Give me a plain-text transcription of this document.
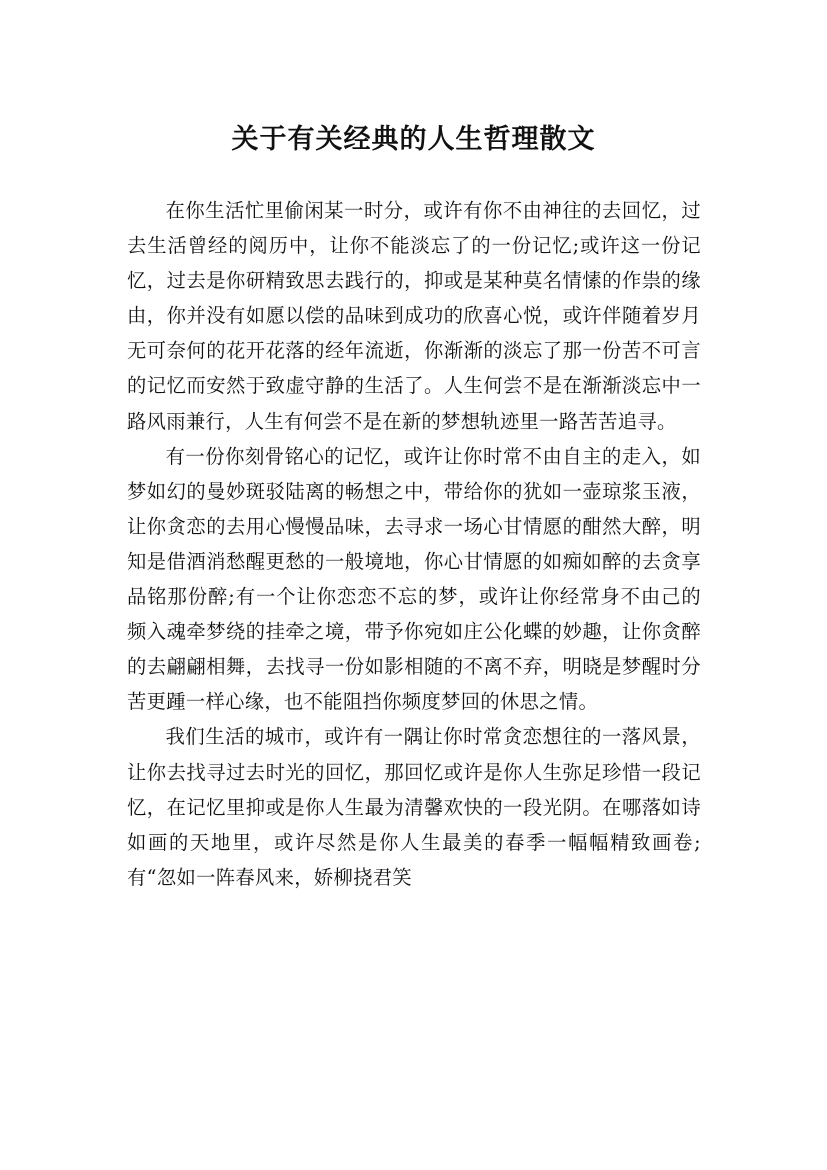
关于有关经典的人生哲理散文

在你生活忙里偷闲某一时分，或许有你不由神往的去回忆，过去生活曾经的阅历中，让你不能淡忘了的一份记忆;或许这一份记忆，过去是你研精致思去践行的，抑或是某种莫名情愫的作祟的缘由，你并没有如愿以偿的品味到成功的欣喜心悦，或许伴随着岁月无可奈何的花开花落的经年流逝，你渐渐的淡忘了那一份苦不可言的记忆而安然于致虚守静的生活了。人生何尝不是在渐渐淡忘中一路风雨兼行，人生有何尝不是在新的梦想轨迹里一路苦苦追寻。

有一份你刻骨铭心的记忆，或许让你时常不由自主的走入，如梦如幻的曼妙斑驳陆离的畅想之中，带给你的犹如一壶琼浆玉液，让你贪恋的去用心慢慢品味，去寻求一场心甘情愿的酣然大醉，明知是借酒消愁醒更愁的一般境地，你心甘情愿的如痴如醉的去贪享品铭那份醉;有一个让你恋恋不忘的梦，或许让你经常身不由己的频入魂牵梦绕的挂牵之境，带予你宛如庄公化蝶的妙趣，让你贪醉的去翩翩相舞，去找寻一份如影相随的不离不弃，明晓是梦醒时分苦更踵一样心缘，也不能阻挡你频度梦回的休思之情。

我们生活的城市，或许有一隅让你时常贪恋想往的一落风景，让你去找寻过去时光的回忆，那回忆或许是你人生弥足珍惜一段记忆，在记忆里抑或是你人生最为清馨欢快的一段光阴。在哪落如诗如画的天地里，或许尽然是你人生最美的春季一幅幅精致画卷;有“忽如一阵春风来，娇柳挠君笑
